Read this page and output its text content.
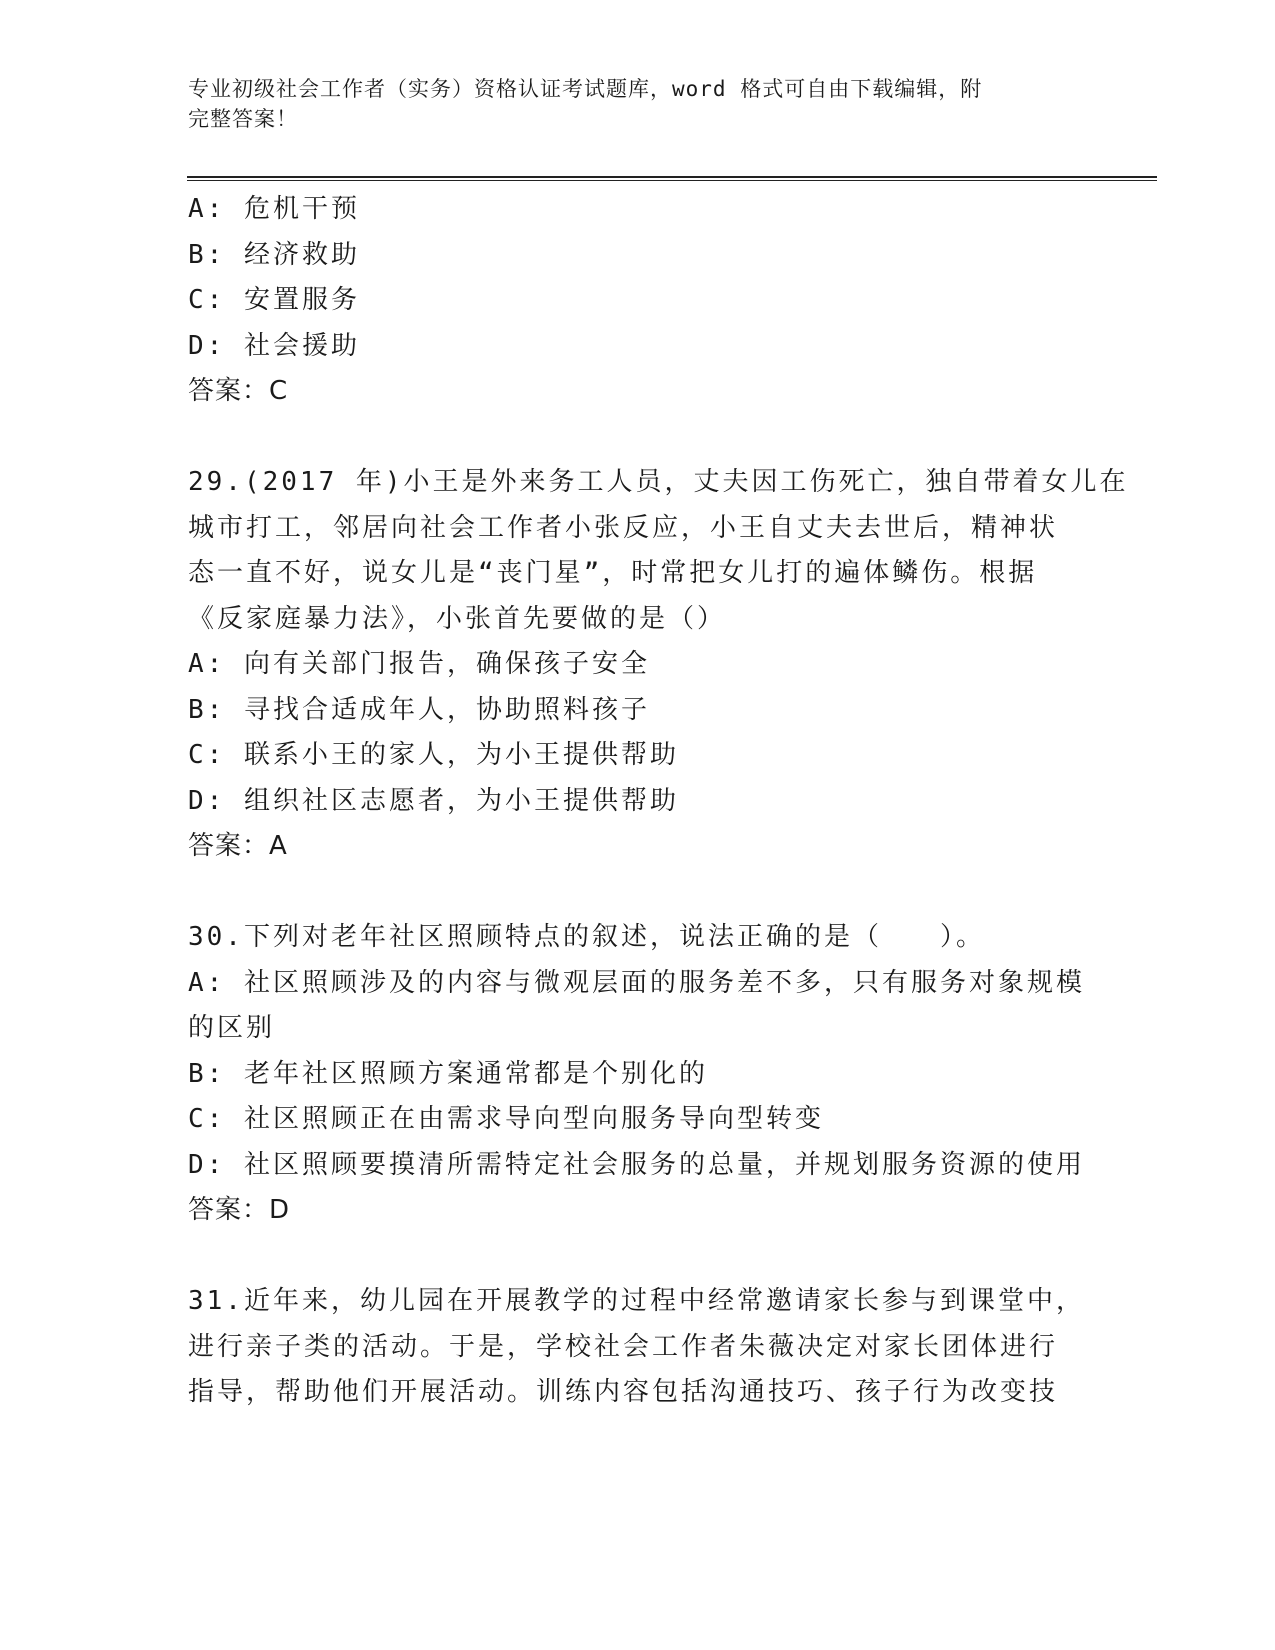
专业初级社会工作者（实务）资格认证考试题库，word 格式可自由下载编辑，附
完整答案！
A: 危机干预
B: 经济救助
C: 安置服务
D: 社会援助
答案：C
29.(2017 年)小王是外来务工人员，丈夫因工伤死亡，独自带着女儿在
城市打工，邻居向社会工作者小张反应，小王自丈夫去世后，精神状
态一直不好，说女儿是“丧门星”，时常把女儿打的遍体鳞伤。根据
《反家庭暴力法》，小张首先要做的是（）
A: 向有关部门报告，确保孩子安全
B: 寻找合适成年人，协助照料孩子
C: 联系小王的家人，为小王提供帮助
D: 组织社区志愿者，为小王提供帮助
答案：A
30.下列对老年社区照顾特点的叙述，说法正确的是（　　）。
A: 社区照顾涉及的内容与微观层面的服务差不多，只有服务对象规模
的区别
B: 老年社区照顾方案通常都是个别化的
C: 社区照顾正在由需求导向型向服务导向型转变
D: 社区照顾要摸清所需特定社会服务的总量，并规划服务资源的使用
答案：D
31.近年来，幼儿园在开展教学的过程中经常邀请家长参与到课堂中，
进行亲子类的活动。于是，学校社会工作者朱薇决定对家长团体进行
指导，帮助他们开展活动。训练内容包括沟通技巧、孩子行为改变技
